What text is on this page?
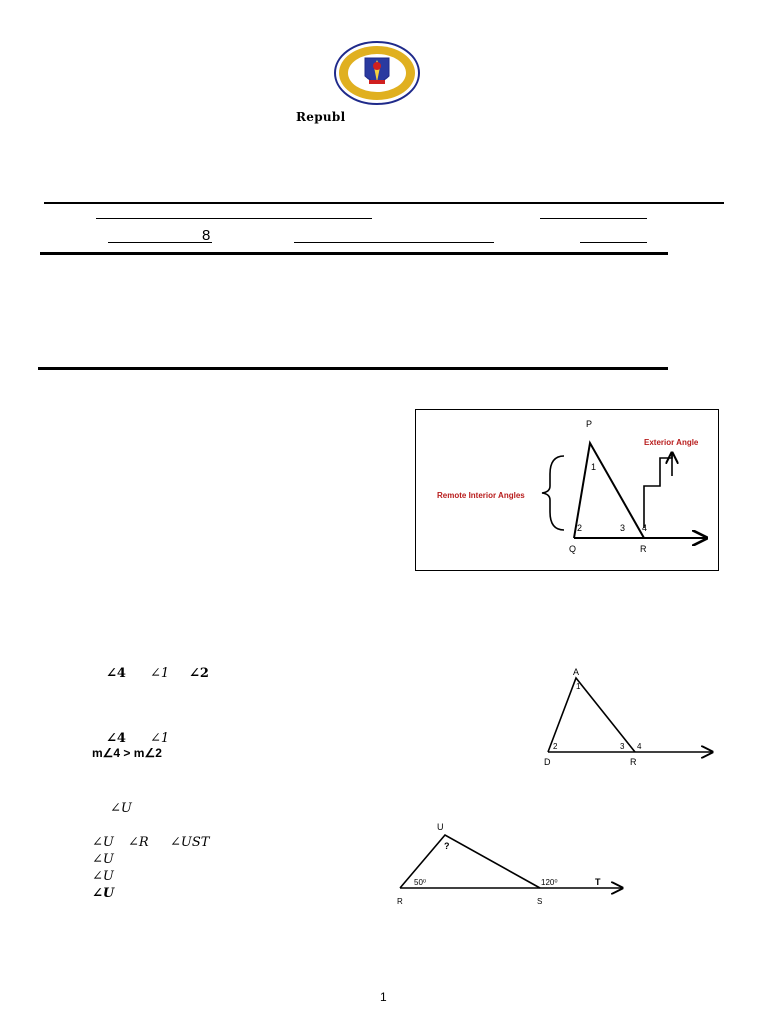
Republ
8
P
1
2	3 4
Q	R
Remote Interior Angles
Exterior Angle
∠4 ∠1 ∠2
∠4 ∠1
m∠4 > m∠2
A
1
2	3 4
D	R
∠U
∠U ∠R ∠UST
∠U
∠U
∠U
U
?
50⁰	120⁰	T
R	S
1
